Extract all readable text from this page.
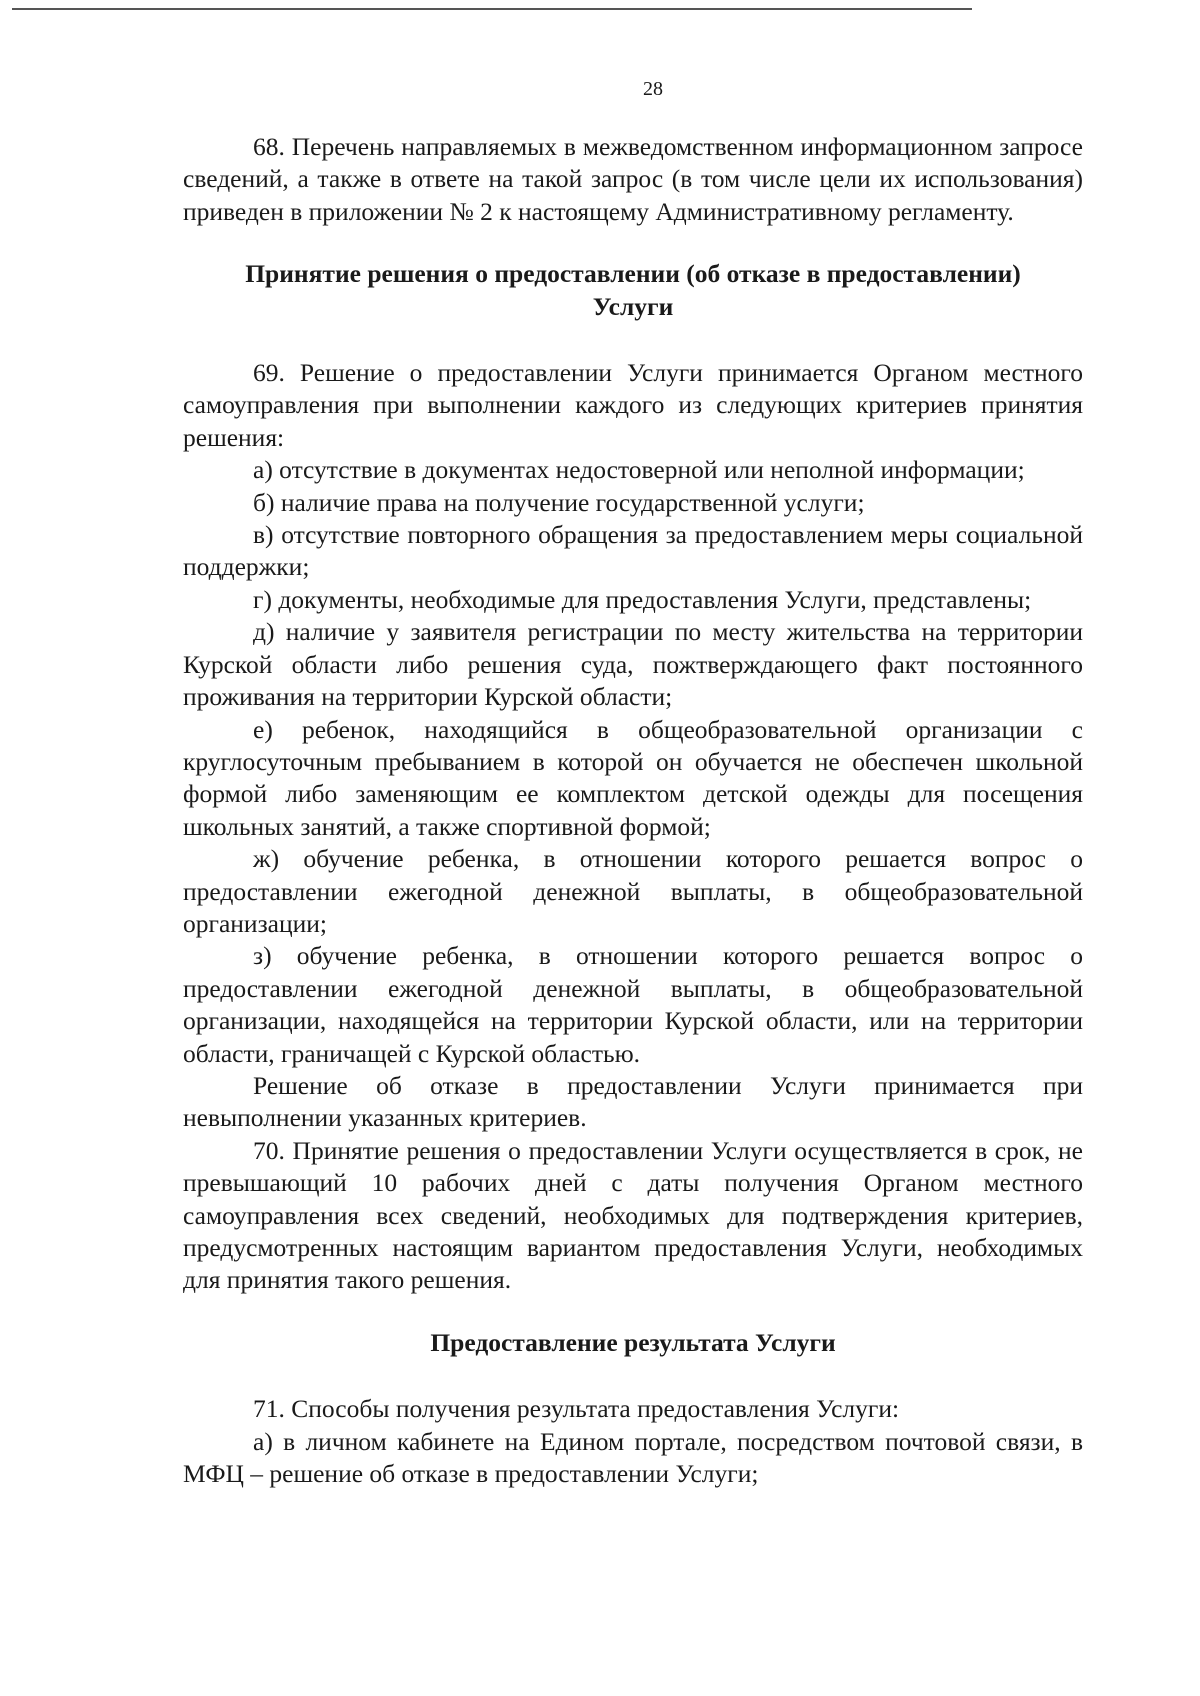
28

68. Перечень направляемых в межведомственном информационном запросе сведений, а также в ответе на такой запрос (в том числе цели их использования) приведен в приложении № 2 к настоящему Административному регламенту.

Принятие решения о предоставлении (об отказе в предоставлении)
Услуги

69. Решение о предоставлении Услуги принимается Органом местного самоуправления при выполнении каждого из следующих критериев принятия решения:

а) отсутствие в документах недостоверной или неполной информации;

б) наличие права на получение государственной услуги;

в) отсутствие повторного обращения за предоставлением меры социальной поддержки;

г) документы, необходимые для предоставления Услуги, представлены;

д) наличие у заявителя регистрации по месту жительства на территории Курской области либо решения суда, пожтверждающего факт постоянного проживания на территории Курской области;

е) ребенок, находящийся в общеобразовательной организации с круглосуточным пребыванием в которой он обучается не обеспечен школьной формой либо заменяющим ее комплектом детской одежды для посещения школьных занятий, а также спортивной формой;

ж) обучение ребенка, в отношении которого решается вопрос о предоставлении ежегодной денежной выплаты, в общеобразовательной организации;

з) обучение ребенка, в отношении которого решается вопрос о предоставлении ежегодной денежной выплаты, в общеобразовательной организации, находящейся на территории Курской области, или на территории области, граничащей с Курской областью.

Решение об отказе в предоставлении Услуги принимается при невыполнении указанных критериев.

70. Принятие решения о предоставлении Услуги осуществляется в срок, не превышающий 10 рабочих дней с даты получения Органом местного самоуправления всех сведений, необходимых для подтверждения критериев, предусмотренных настоящим вариантом предоставления Услуги, необходимых для принятия такого решения.

Предоставление результата Услуги

71. Способы получения результата предоставления Услуги:

а) в личном кабинете на Едином портале, посредством почтовой связи, в МФЦ – решение об отказе в предоставлении Услуги;
